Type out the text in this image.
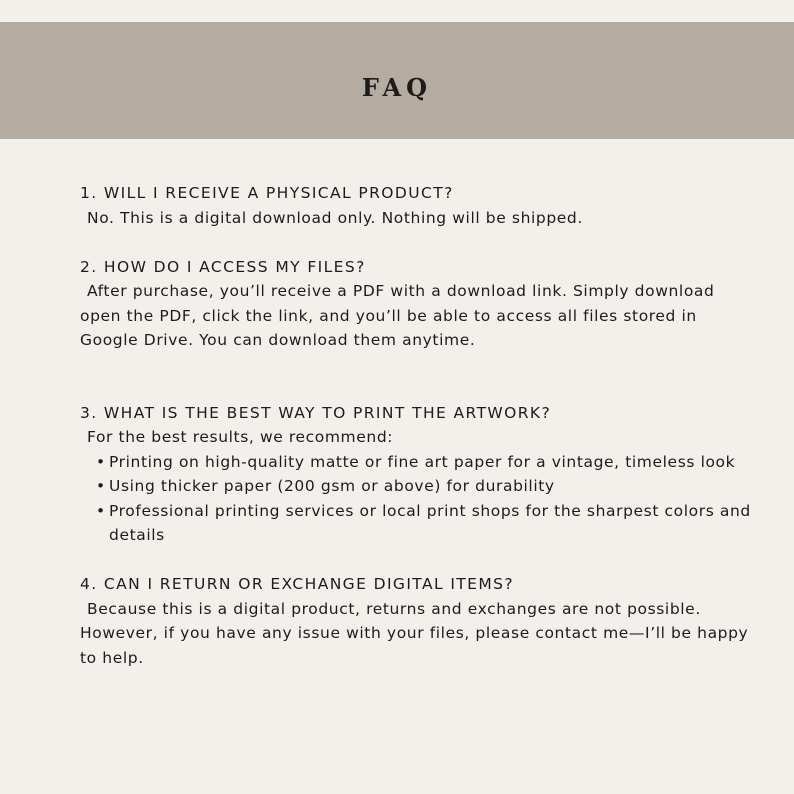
FAQ

1. WILL I RECEIVE A PHYSICAL PRODUCT?

No. This is a digital download only. Nothing will be shipped.

2. HOW DO I ACCESS MY FILES?

After purchase, you’ll receive a PDF with a download link. Simply download open the PDF, click the link, and you’ll be able to access all files stored in Google Drive. You can download them anytime.

3. WHAT IS THE BEST WAY TO PRINT THE ARTWORK?

For the best results, we recommend:

• Printing on high-quality matte or fine art paper for a vintage, timeless look
• Using thicker paper (200 gsm or above) for durability
• Professional printing services or local print shops for the sharpest colors and details

4. CAN I RETURN OR EXCHANGE DIGITAL ITEMS?

Because this is a digital product, returns and exchanges are not possible. However, if you have any issue with your files, please contact me—I’ll be happy to help.
